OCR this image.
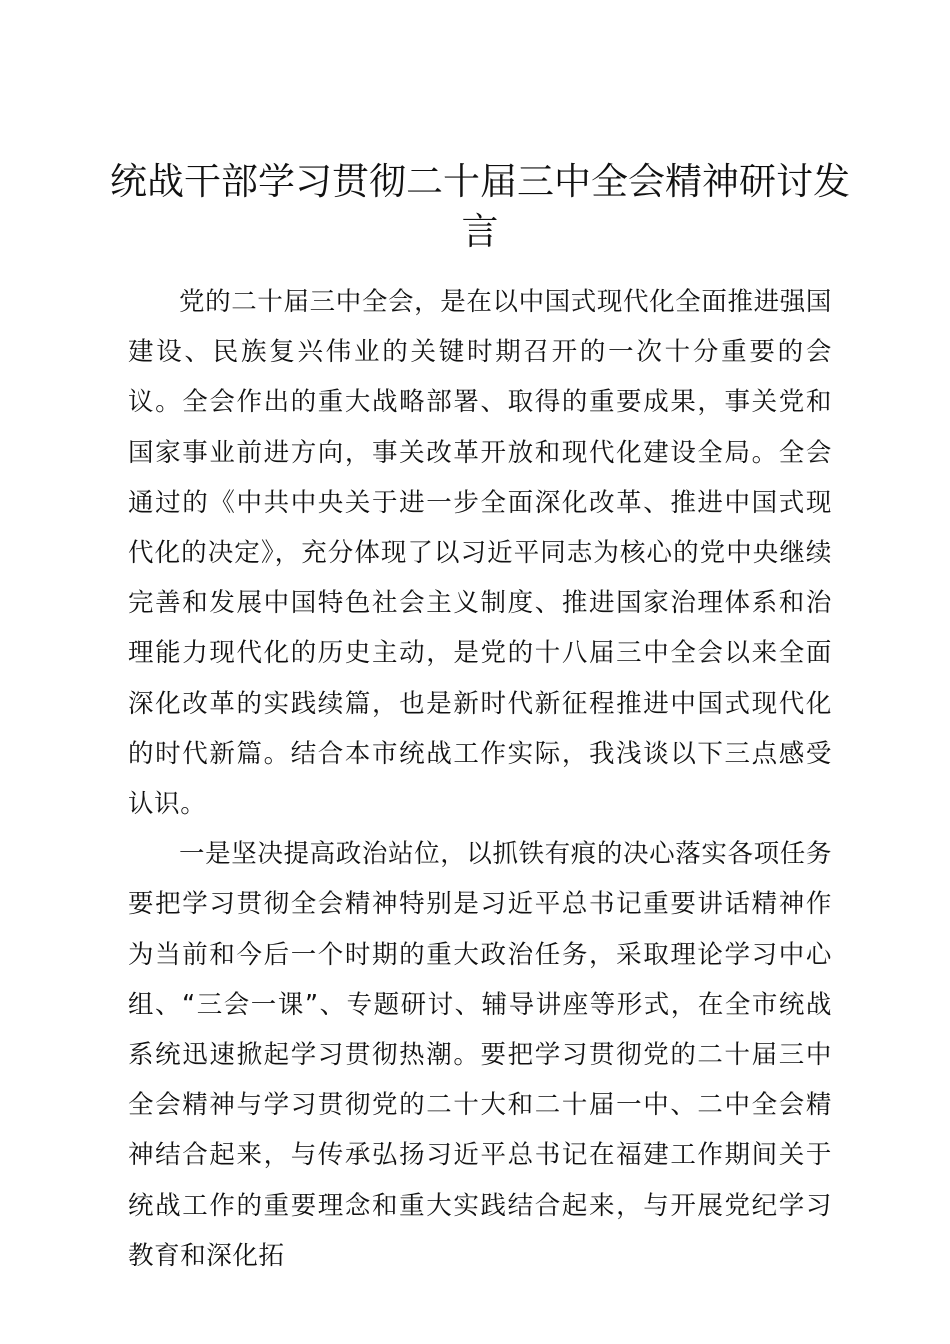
统战干部学习贯彻二十届三中全会精神研讨发言

党的二十届三中全会，是在以中国式现代化全面推进强国建设、民族复兴伟业的关键时期召开的一次十分重要的会议。全会作出的重大战略部署、取得的重要成果，事关党和国家事业前进方向，事关改革开放和现代化建设全局。全会通过的《中共中央关于进一步全面深化改革、推进中国式现代化的决定》，充分体现了以习近平同志为核心的党中央继续完善和发展中国特色社会主义制度、推进国家治理体系和治理能力现代化的历史主动，是党的十八届三中全会以来全面深化改革的实践续篇，也是新时代新征程推进中国式现代化的时代新篇。结合本市统战工作实际，我浅谈以下三点感受认识。

一是坚决提高政治站位，以抓铁有痕的决心落实各项任务要把学习贯彻全会精神特别是习近平总书记重要讲话精神作为当前和今后一个时期的重大政治任务，采取理论学习中心组、“三会一课”、专题研讨、辅导讲座等形式，在全市统战系统迅速掀起学习贯彻热潮。要把学习贯彻党的二十届三中全会精神与学习贯彻党的二十大和二十届一中、二中全会精神结合起来，与传承弘扬习近平总书记在福建工作期间关于统战工作的重要理念和重大实践结合起来，与开展党纪学习教育和深化拓
